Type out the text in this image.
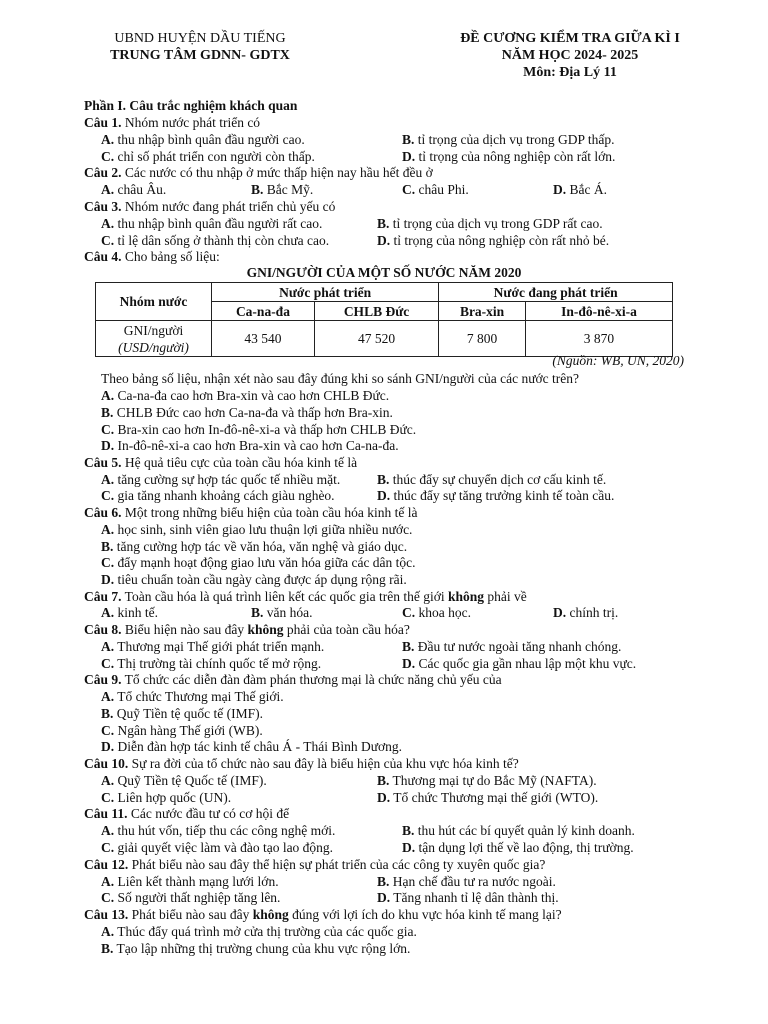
UBND HUYỆN DẦU TIẾNG
TRUNG TÂM GDNN- GDTX
ĐỀ CƯƠNG KIỂM TRA GIỮA KÌ I
NĂM HỌC 2024- 2025
Môn: Địa Lý 11
Phần I. Câu trắc nghiệm khách quan
Câu 1. Nhóm nước phát triển có
A. thu nhập bình quân đầu người cao.	B. tỉ trọng của dịch vụ trong GDP thấp.
C. chỉ số phát triển con người còn thấp.	D. tỉ trọng của nông nghiệp còn rất lớn.
Câu 2. Các nước có thu nhập ở mức thấp hiện nay hầu hết đều ở
A. châu Âu.	B. Bắc Mỹ.	C. châu Phi.	D. Bắc Á.
Câu 3. Nhóm nước đang phát triển chủ yếu có
A. thu nhập bình quân đầu người rất cao.	B. tỉ trọng của dịch vụ trong GDP rất cao.
C. tỉ lệ dân sống ở thành thị còn chưa cao.	D. tỉ trọng của nông nghiệp còn rất nhỏ bé.
Câu 4. Cho bảng số liệu:
GNI/NGƯỜI CỦA MỘT SỐ NƯỚC NĂM 2020
Nhóm nước	Nước phát triển		Nước đang phát triển	
	Ca-na-đa	CHLB Đức	Bra-xin	In-đô-nê-xi-a

GNI/người
(USD/người)	43 540	47 520	7 800	3 870
(Nguồn: WB, UN, 2020)
Theo bảng số liệu, nhận xét nào sau đây đúng khi so sánh GNI/người của các nước trên?
A. Ca-na-đa cao hơn Bra-xin và cao hơn CHLB Đức.
B. CHLB Đức cao hơn Ca-na-đa và thấp hơn Bra-xin.
C. Bra-xin cao hơn In-đô-nê-xi-a và thấp hơn CHLB Đức.
D. In-đô-nê-xi-a cao hơn Bra-xin và cao hơn Ca-na-đa.
Câu 5. Hệ quả tiêu cực của toàn cầu hóa kinh tế là
A. tăng cường sự hợp tác quốc tế nhiều mặt.	B. thúc đẩy sự chuyển dịch cơ cấu kinh tế.
C. gia tăng nhanh khoảng cách giàu nghèo.	D. thúc đẩy sự tăng trưởng kinh tế toàn cầu.
Câu 6. Một trong những biểu hiện của toàn cầu hóa kinh tế là
A. học sinh, sinh viên giao lưu thuận lợi giữa nhiều nước.
B. tăng cường hợp tác về văn hóa, văn nghệ và giáo dục.
C. đẩy mạnh hoạt động giao lưu văn hóa giữa các dân tộc.
D. tiêu chuẩn toàn cầu ngày càng được áp dụng rộng rãi.
Câu 7. Toàn cầu hóa là quá trình liên kết các quốc gia trên thế giới không phải về
A. kinh tế.	B. văn hóa.	C. khoa học.	D. chính trị.
Câu 8. Biểu hiện nào sau đây không phải của toàn cầu hóa?
A. Thương mại Thế giới phát triển mạnh.	B. Đầu tư nước ngoài tăng nhanh chóng.
C. Thị trường tài chính quốc tế mở rộng.	D. Các quốc gia gần nhau lập một khu vực.
Câu 9. Tổ chức các diễn đàn đàm phán thương mại là chức năng chủ yếu của
A. Tổ chức Thương mại Thế giới.
B. Quỹ Tiền tệ quốc tế (IMF).
C. Ngân hàng Thế giới (WB).
D. Diễn đàn hợp tác kinh tế châu Á - Thái Bình Dương.
Câu 10. Sự ra đời của tổ chức nào sau đây là biểu hiện của khu vực hóa kinh tế?
A. Quỹ Tiền tệ Quốc tế (IMF).	B. Thương mại tự do Bắc Mỹ (NAFTA).
C. Liên hợp quốc (UN).	D. Tổ chức Thương mại thế giới (WTO).
Câu 11. Các nước đầu tư có cơ hội để
A. thu hút vốn, tiếp thu các công nghệ mới.	B. thu hút các bí quyết quản lý kinh doanh.
C. giải quyết việc làm và đào tạo lao động.	D. tận dụng lợi thế về lao động, thị trường.
Câu 12. Phát biểu nào sau đây thể hiện sự phát triển của các công ty xuyên quốc gia?
A. Liên kết thành mạng lưới lớn.	B. Hạn chế đầu tư ra nước ngoài.
C. Số người thất nghiệp tăng lên.	D. Tăng nhanh tỉ lệ dân thành thị.
Câu 13. Phát biểu nào sau đây không đúng với lợi ích do khu vực hóa kinh tế mang lại?
A. Thúc đẩy quá trình mở cửa thị trường của các quốc gia.
B. Tạo lập những thị trường chung của khu vực rộng lớn.
